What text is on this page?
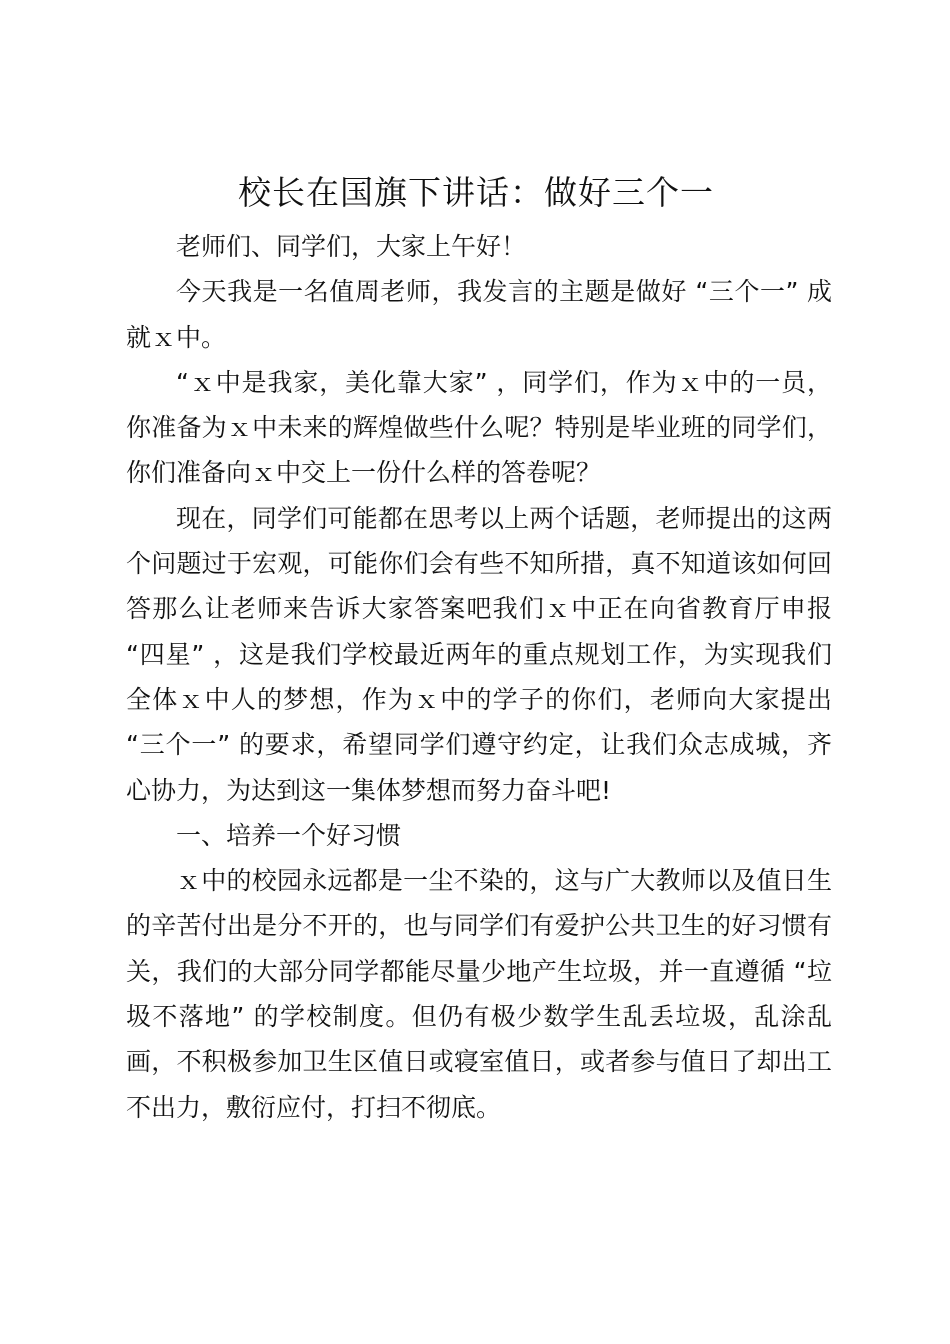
校长在国旗下讲话：做好三个一

老师们、同学们，大家上午好！

今天我是一名值周老师，我发言的主题是做好 “三个一” 成就ｘ中。

“ｘ中是我家，美化靠大家” ，同学们，作为ｘ中的一员，你准备为ｘ中未来的辉煌做些什么呢？特别是毕业班的同学们，你们准备向ｘ中交上一份什么样的答卷呢？

现在，同学们可能都在思考以上两个话题，老师提出的这两个问题过于宏观，可能你们会有些不知所措，真不知道该如何回答那么让老师来告诉大家答案吧我们ｘ中正在向省教育厅申报 “四星” ，这是我们学校最近两年的重点规划工作，为实现我们全体ｘ中人的梦想，作为ｘ中的学子的你们，老师向大家提出 “三个一” 的要求，希望同学们遵守约定，让我们众志成城，齐心协力，为达到这一集体梦想而努力奋斗吧!

一、培养一个好习惯

ｘ中的校园永远都是一尘不染的，这与广大教师以及值日生的辛苦付出是分不开的，也与同学们有爱护公共卫生的好习惯有关，我们的大部分同学都能尽量少地产生垃圾，并一直遵循 “垃圾不落地” 的学校制度。但仍有极少数学生乱丢垃圾，乱涂乱画，不积极参加卫生区值日或寝室值日，或者参与值日了却出工不出力，敷衍应付，打扫不彻底。
